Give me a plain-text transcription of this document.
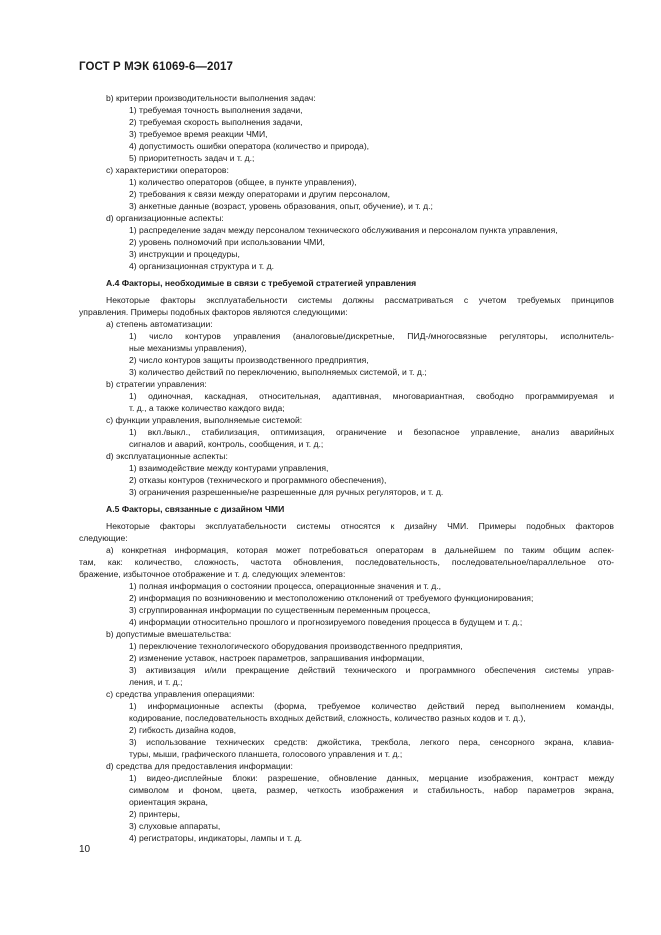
ГОСТ Р МЭК 61069-6—2017
b) критерии производительности выполнения задач:
1) требуемая точность выполнения задачи,
2) требуемая скорость выполнения задачи,
3) требуемое время реакции ЧМИ,
4) допустимость ошибки оператора (количество и природа),
5) приоритетность задач и т. д.;
c) характеристики операторов:
1) количество операторов (общее, в пункте управления),
2) требования к связи между операторами и другим персоналом,
3) анкетные данные (возраст, уровень образования, опыт, обучение), и т. д.;
d) организационные аспекты:
1) распределение задач между персоналом технического обслуживания и персоналом пункта управления,
2) уровень полномочий при использовании ЧМИ,
3) инструкции и процедуры,
4) организационная структура и т. д.
А.4 Факторы, необходимые в связи с требуемой стратегией управления
Некоторые факторы эксплуатабельности системы должны рассматриваться с учетом требуемых принципов
управления. Примеры подобных факторов являются следующими:
а) степень автоматизации:
1) число контуров управления (аналоговые/дискретные, ПИД-/многосвязные регуляторы, исполнитель-
ные механизмы управления),
2) число контуров защиты производственного предприятия,
3) количество действий по переключению, выполняемых системой, и т. д.;
b) стратегии управления:
1) одиночная, каскадная, относительная, адаптивная, многовариантная, свободно программируемая и
т. д., а также количество каждого вида;
c) функции управления, выполняемые системой:
1) вкл./выкл., стабилизация, оптимизация, ограничение и безопасное управление, анализ аварийных
сигналов и аварий, контроль, сообщения, и т. д.;
d) эксплуатационные аспекты:
1) взаимодействие между контурами управления,
2) отказы контуров (технического и программного обеспечения),
3) ограничения разрешенные/не разрешенные для ручных регуляторов, и т. д.
А.5 Факторы, связанные с дизайном ЧМИ
Некоторые факторы эксплуатабельности системы относятся к дизайну ЧМИ. Примеры подобных факторов
следующие:
а) конкретная информация, которая может потребоваться операторам в дальнейшем по таким общим аспек-
там, как: количество, сложность, частота обновления, последовательность, последовательное/параллельное ото-
бражение, избыточное отображение и т. д. следующих элементов:
1) полная информация о состоянии процесса, операционные значения и т. д.,
2) информация по возникновению и местоположению отклонений от требуемого функционирования;
3) сгруппированная информации по существенным переменным процесса,
4) информации относительно прошлого и прогнозируемого поведения процесса в будущем и т. д.;
b) допустимые вмешательства:
1) переключение технологического оборудования производственного предприятия,
2) изменение уставок, настроек параметров, запрашивания информации,
3) активизация и/или прекращение действий технического и программного обеспечения системы управ-
ления, и т. д.;
c) средства управления операциями:
1) информационные аспекты (форма, требуемое количество действий перед выполнением команды,
кодирование, последовательность входных действий, сложность, количество разных кодов и т. д.),
2) гибкость дизайна кодов,
3) использование технических средств: джойстика, трекбола, легкого пера, сенсорного экрана, клавиа-
туры, мыши, графического планшета, голосового управления и т. д.;
d) средства для предоставления информации:
1) видео-дисплейные блоки: разрешение, обновление данных, мерцание изображения, контраст между
символом и фоном, цвета, размер, четкость изображения и стабильность, набор параметров экрана,
ориентация экрана,
2) принтеры,
3) слуховые аппараты,
4) регистраторы, индикаторы, лампы и т. д.
10
